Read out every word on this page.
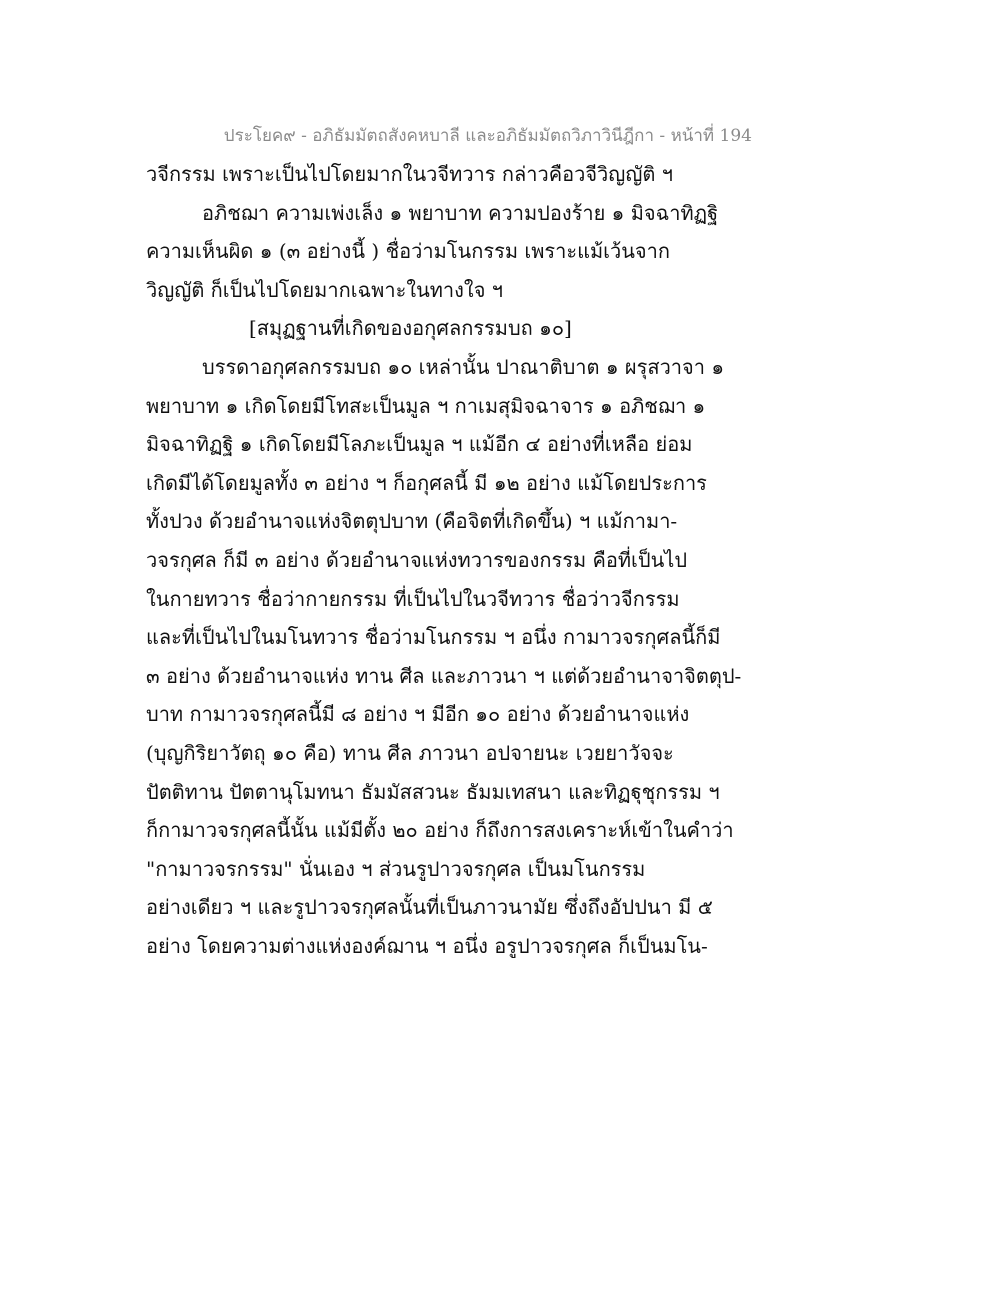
ประโยค๙ - อภิธัมมัตถสังคหบาลี และอภิธัมมัตถวิภาวินีฎีกา - หน้าที่ 194
วจีกรรม เพราะเป็นไปโดยมากในวจีทวาร กล่าวคือวจีวิญญัติ ฯ
อภิชฌา ความเพ่งเล็ง ๑ พยาบาท ความปองร้าย ๑ มิจฉาทิฏฐิ
ความเห็นผิด ๑ (๓ อย่างนี้ ) ชื่อว่ามโนกรรม เพราะแม้เว้นจาก
วิญญัติ ก็เป็นไปโดยมากเฉพาะในทางใจ ฯ
[สมุฏฐานที่เกิดของอกุศลกรรมบถ ๑๐]
บรรดาอกุศลกรรมบถ ๑๐ เหล่านั้น ปาณาติบาต ๑ ผรุสวาจา ๑
พยาบาท ๑ เกิดโดยมีโทสะเป็นมูล ฯ กาเมสุมิจฉาจาร ๑ อภิชฌา ๑
มิจฉาทิฏฐิ ๑ เกิดโดยมีโลภะเป็นมูล ฯ แม้อีก ๔ อย่างที่เหลือ ย่อม
เกิดมีได้โดยมูลทั้ง ๓ อย่าง ฯ ก็อกุศลนี้ มี ๑๒ อย่าง แม้โดยประการ
ทั้งปวง ด้วยอำนาจแห่งจิตตุปบาท (คือจิตที่เกิดขึ้น) ฯ แม้กามา-
วจรกุศล ก็มี ๓ อย่าง ด้วยอำนาจแห่งทวารของกรรม คือที่เป็นไป
ในกายทวาร ชื่อว่ากายกรรม ที่เป็นไปในวจีทวาร ชื่อว่าวจีกรรม
และที่เป็นไปในมโนทวาร ชื่อว่ามโนกรรม ฯ อนึ่ง กามาวจรกุศลนี้ก็มี
๓ อย่าง ด้วยอำนาจแห่ง ทาน ศีล และภาวนา ฯ แต่ด้วยอำนาจาจิตตุป-
บาท กามาวจรกุศลนี้มี ๘ อย่าง ฯ มีอีก ๑๐ อย่าง ด้วยอำนาจแห่ง
(บุญกิริยาวัตถุ ๑๐ คือ) ทาน ศีล ภาวนา อปจายนะ เวยยาวัจจะ
ปัตติทาน ปัตตานุโมทนา ธัมมัสสวนะ ธัมมเทสนา และทิฏฐุชุกรรม ฯ
ก็กามาวจรกุศลนี้นั้น แม้มีตั้ง ๒๐ อย่าง ก็ถึงการสงเคราะห์เข้าในคำว่า
"กามาวจรกรรม" นั่นเอง ฯ ส่วนรูปาวจรกุศล เป็นมโนกรรม
อย่างเดียว ฯ และรูปาวจรกุศลนั้นที่เป็นภาวนามัย ซึ่งถึงอัปปนา มี ๕
อย่าง โดยความต่างแห่งองค์ฌาน ฯ อนึ่ง อรูปาวจรกุศล ก็เป็นมโน-
